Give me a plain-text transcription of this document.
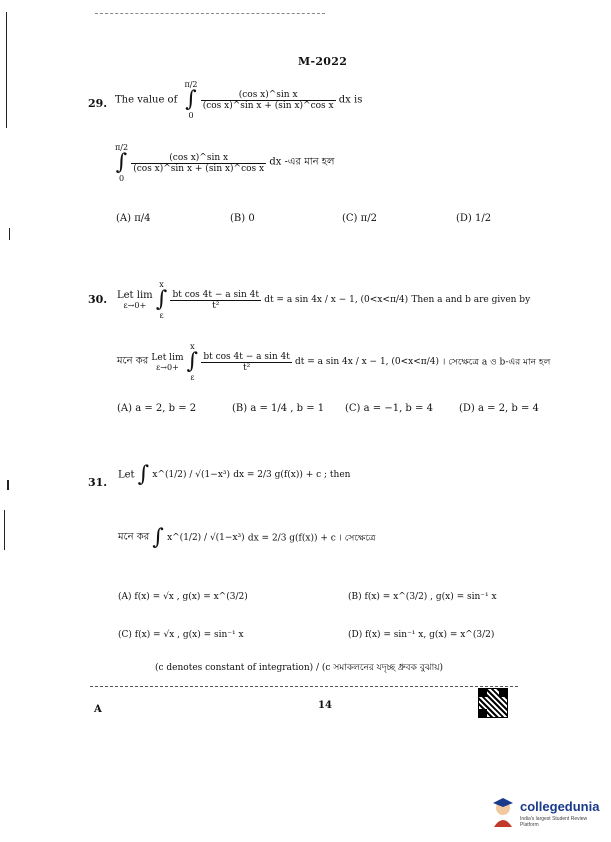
M-2022
29. The value of
π/2
∫
0

$\frac{\text{(cos x)\textasciicircum{}sin x}}{\text{(cos x)\textasciicircum{}sin x + (sin x)\textasciicircum{}cos x}}$ dx is
π/2
∫
0

$\frac{\text{(cos x)\textasciicircum{}sin x}}{\text{(cos x)\textasciicircum{}sin x + (sin x)\textasciicircum{}cos x}}$ dx -এর মান হল
(A) π/4	(B) 0	(C) π/2	(D) 1/2
30. Let lim
ε→0+

x
∫
ε

$\frac{\text{bt cos 4t − a sin 4t}}{\text{t²}}$ dt = a sin 4x / x − 1, (0<x<π/4) Then a and b are given by
মনে কর Let lim
ε→0+

x
∫
ε

$\frac{\text{bt cos 4t − a sin 4t}}{\text{t²}}$ dt = a sin 4x / x − 1, (0<x<π/4) । সেক্ষেত্রে a ও b-এর মান হল
(A) a = 2, b = 2	(B) a = 1/4 , b = 1 (C) a = −1, b = 4	(D) a = 2, b = 4
31.
Let ∫ x^(1/2) / √(1−x³) dx = 2/3 g(f(x)) + c ; then
মনে কর ∫ x^(1/2) / √(1−x³) dx = 2/3 g(f(x)) + c । সেক্ষেত্রে
(A) f(x) = √x , g(x) = x^(3/2)	(B) f(x) = x^(3/2) , g(x) = sin⁻¹ x
(C) f(x) = √x , g(x) = sin⁻¹ x	(D) f(x) = sin⁻¹ x, g(x) = x^(3/2)
(c denotes constant of integration) / (c সমাকলনের যদৃচ্ছ ধ্রুবক বুঝায়)
A	14
collegedunia
India's largest Student Review Platform
